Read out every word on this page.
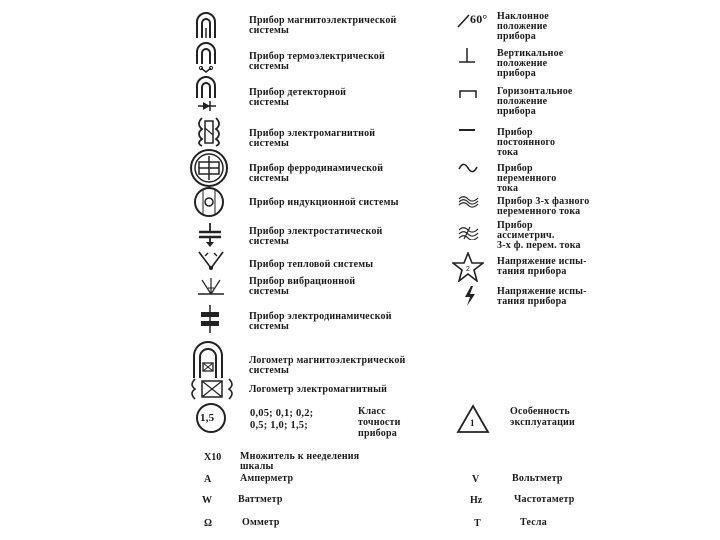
Прибор магнитоэлектрической
системы
Прибор термоэлектрической
системы
Прибор детекторной
системы
Прибор электромагнитной
системы
Прибор ферродинамической
системы
Прибор индукционной системы
Прибор электростатической
системы
Прибор тепловой системы
Прибор вибрационной
системы
Прибор электродинамической
системы
Логометр магнитоэлектрической
системы
Логометр электромагнитный
1,5	0,05; 0,1; 0,2;
0,5; 1,0; 1,5;
Класс
точности
прибора
1
Особенность
эксплуатации
X10 Множитель к нееделения
шкалы
A	Амперметр	V	Вольтметр
W	Ваттметр	Hz	Частотаметр
Ω	Омметр	T	Тесла
60° Наклонное
положение
прибора
Вертикальное
положение
прибора
Горизонтальное
положение
прибора
Прибор
постоянного
тока
Прибор
переменного
тока
Прибор 3-х фазного
переменного тока
Прибор
ассиметрич.
3-х ф. перем. тока
2
Напряжение испы-
тания прибора
Напряжение испы-
тания прибора
